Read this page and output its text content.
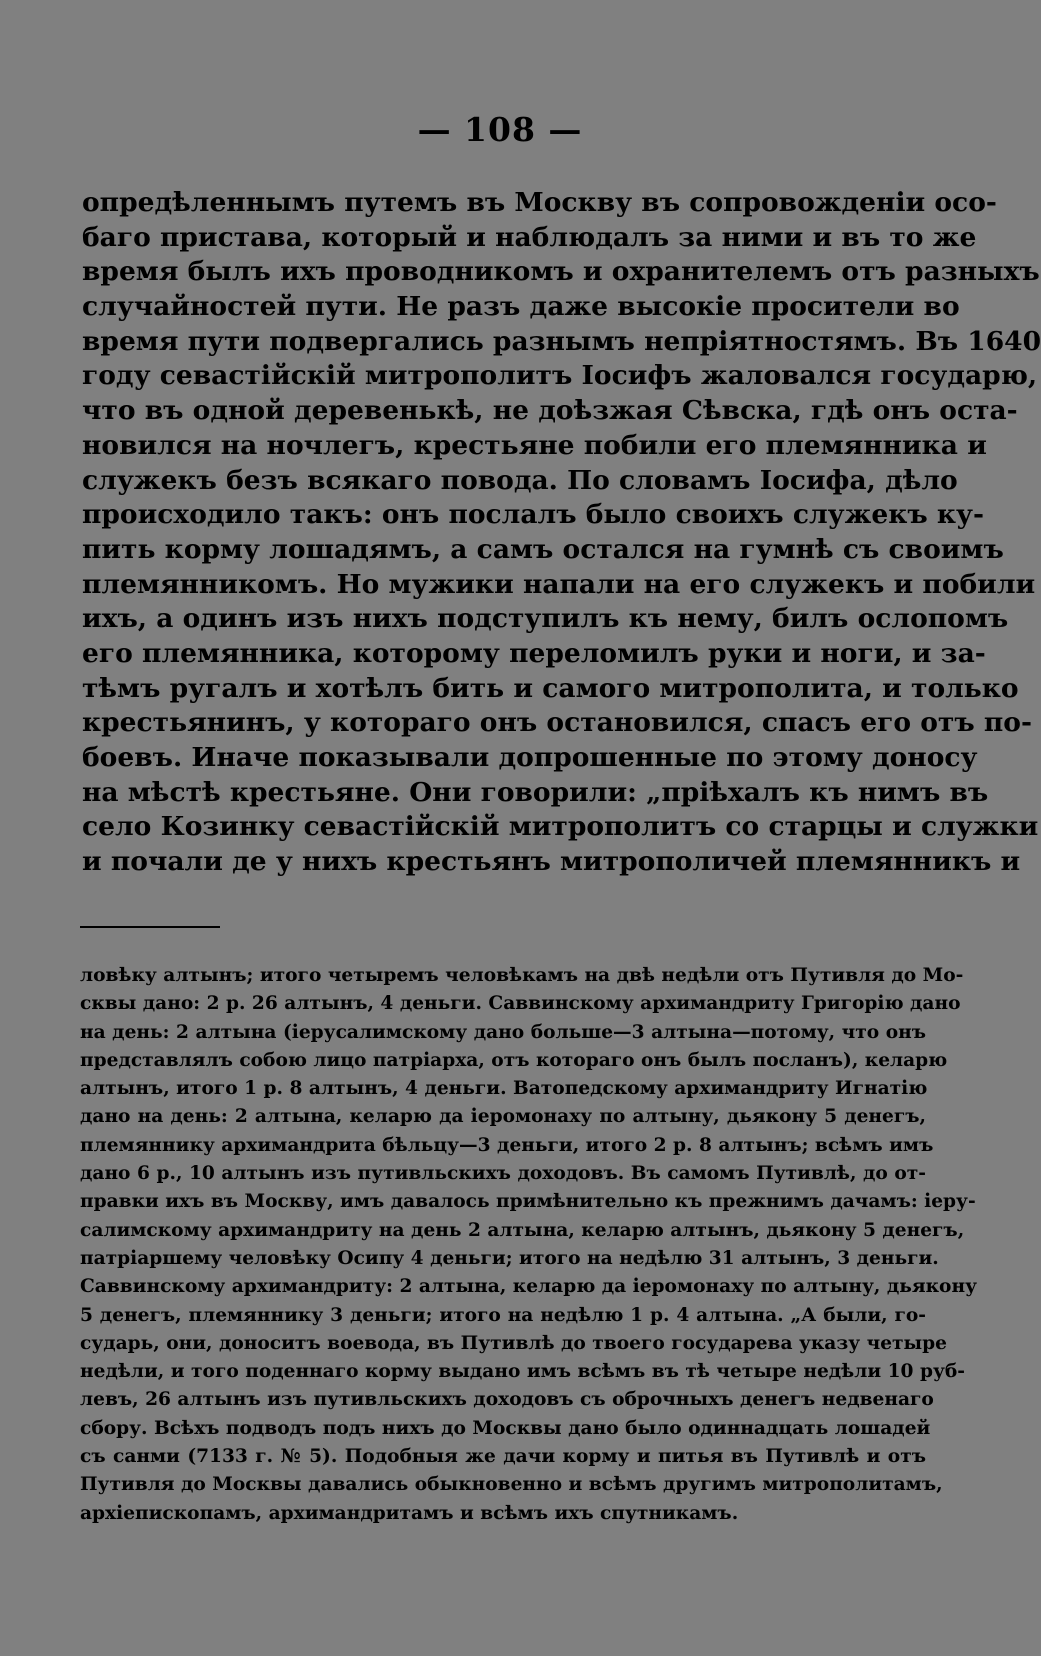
— 108 —
опредѣленнымъ путемъ въ Москву въ сопровожденіи осо-
баго приставa, который и наблюдалъ за ними и въ то же
время былъ ихъ проводникомъ и охранителемъ отъ разныхъ
случайностей пути. Не разъ даже высокіе просители во
время пути подвергались разнымъ непріятностямъ. Въ 1640
году севастійскій митрополитъ Іосифъ жаловался государю,
что въ одной деревенькѣ, не доѣзжая Сѣвска, гдѣ онъ оста-
новился на ночлегъ, крестьяне побили его племянника и
служекъ безъ всякаго повода. По словамъ Іосифа, дѣло
происходило такъ: онъ послалъ было своихъ служекъ ку-
пить корму лошадямъ, а самъ остался на гумнѣ съ своимъ
племянникомъ. Но мужики напали на его служекъ и побили
ихъ, а одинъ изъ нихъ подступилъ къ нему, билъ ослопомъ
его племянника, которому переломилъ руки и ноги, и за-
тѣмъ ругалъ и хотѣлъ бить и самого митрополита, и только
крестьянинъ, у котораго онъ остановился, спасъ его отъ по-
боевъ. Иначе показывали допрошенные по этому доносу
на мѣстѣ крестьяне. Они говорили: „пріѣхалъ къ нимъ въ
село Козинку севастійскій митрополитъ со старцы и служки
и почали де у нихъ крестьянъ митрополичей племянникъ и
ловѣку алтынъ; итого четыремъ человѣкамъ на двѣ недѣли отъ Путивля до Мо-
сквы дано: 2 р. 26 алтынъ, 4 деньги. Саввинскому архимандриту Григорію дано
на день: 2 алтына (іерусалимскому дано больше—3 алтына—потому, что онъ
представлялъ собою лицо патріарха, отъ котораго онъ былъ посланъ), келарю
алтынъ, итого 1 р. 8 алтынъ, 4 деньги. Ватопедскому архимандриту Игнатію
дано на день: 2 алтына, келарю да іеромонаху по алтыну, дьякону 5 денегъ,
племяннику архимандрита бѣльцу—3 деньги, итого 2 р. 8 алтынъ; всѣмъ имъ
дано 6 р., 10 алтынъ изъ путивльскихъ доходовъ. Въ самомъ Путивлѣ, до от-
правки ихъ въ Москву, имъ давалось примѣнительно къ прежнимъ дачамъ: іеру-
салимскому архимандриту на день 2 алтына, келарю алтынъ, дьякону 5 денегъ,
патріаршему человѣку Осипу 4 деньги; итого на недѣлю 31 алтынъ, 3 деньги.
Саввинскому архимандриту: 2 алтына, келарю да іеромонаху по алтыну, дьякону
5 денегъ, племяннику 3 деньги; итого на недѣлю 1 р. 4 алтына. „А были, го-
сударь, они, доноситъ воевода, въ Путивлѣ до твоего государева указу четыре
недѣли, и того поденнаго корму выдано имъ всѣмъ въ тѣ четыре недѣли 10 руб-
левъ, 26 алтынъ изъ путивльскихъ доходовъ съ оброчныхъ денегъ недвенаго
сбору. Всѣхъ подводъ подъ нихъ до Москвы дано было одиннадцать лошадей
съ санми (7133 г. № 5). Подобныя же дачи корму и питья въ Путивлѣ и отъ
Путивля до Москвы давались обыкновенно и всѣмъ другимъ митрополитамъ,
архіепископамъ, архимандритамъ и всѣмъ ихъ спутникамъ.
